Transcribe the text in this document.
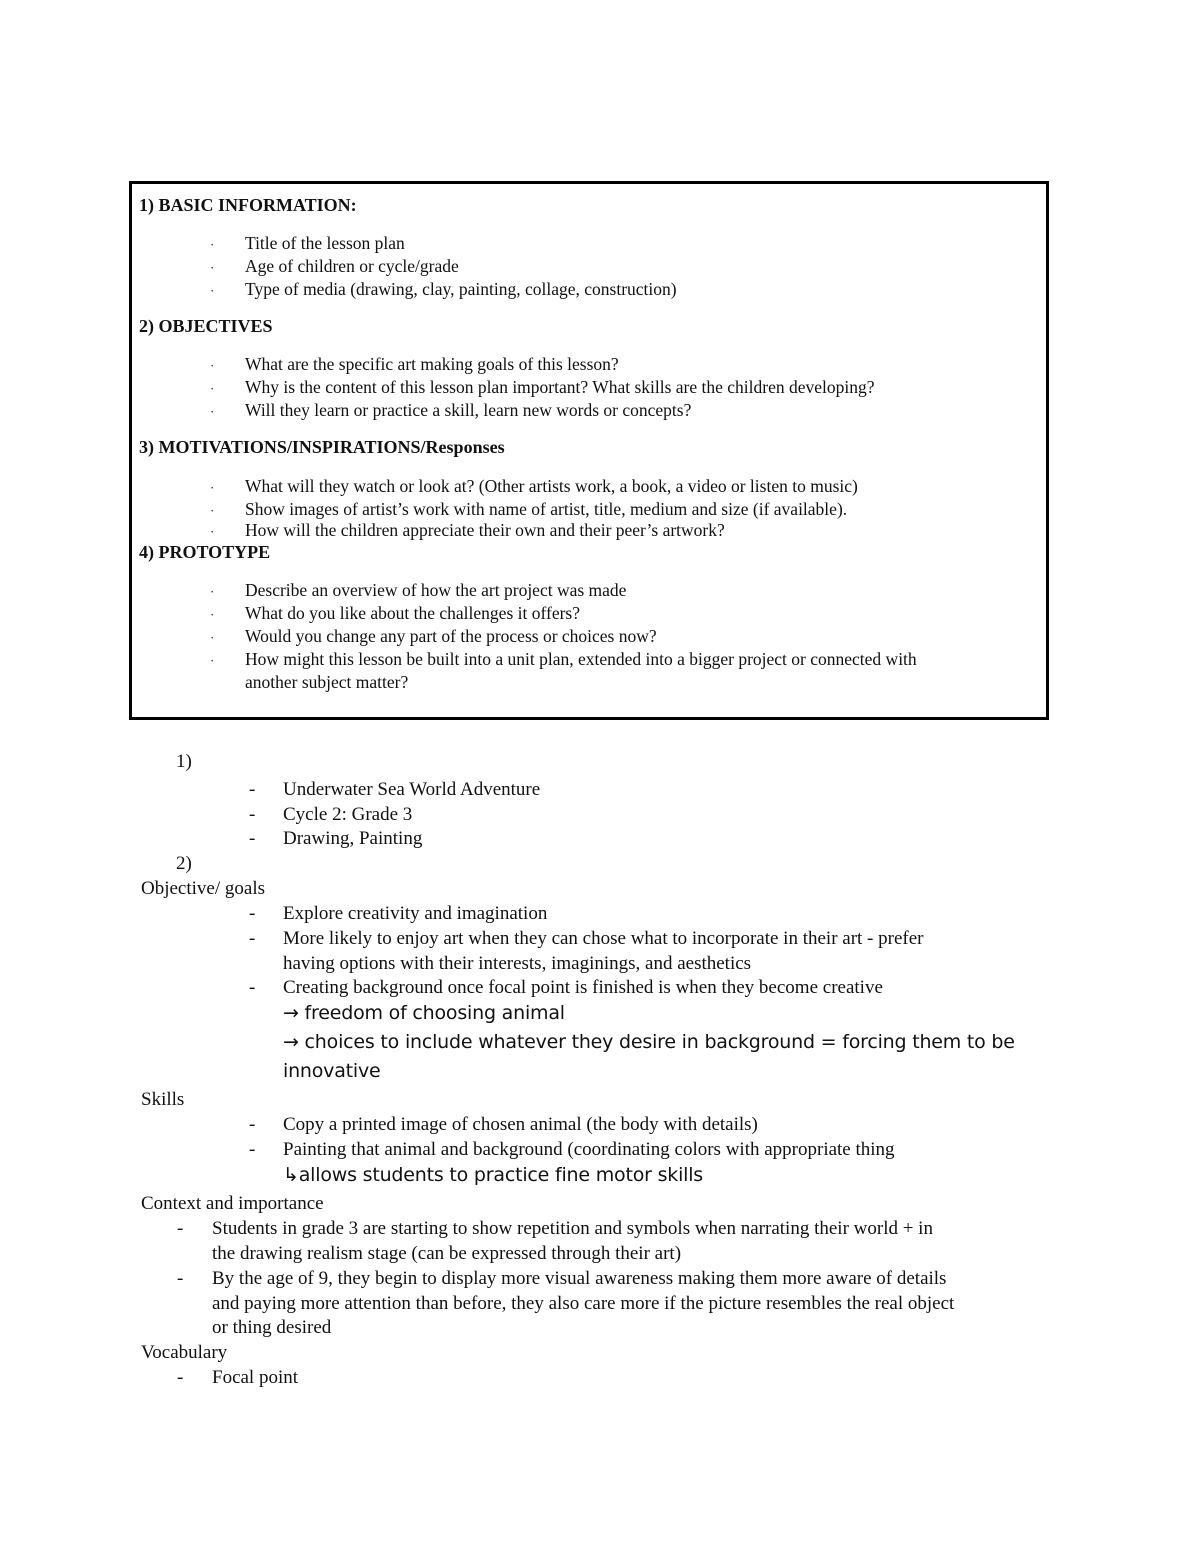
1) BASIC INFORMATION:
· Title of the lesson plan
· Age of children or cycle/grade
· Type of media (drawing, clay, painting, collage, construction)
2) OBJECTIVES
· What are the specific art making goals of this lesson?
· Why is the content of this lesson plan important? What skills are the children developing?
· Will they learn or practice a skill, learn new words or concepts?
3) MOTIVATIONS/INSPIRATIONS/Responses
· What will they watch or look at? (Other artists work, a book, a video or listen to music)
· Show images of artist’s work with name of artist, title, medium and size (if available).
· How will the children appreciate their own and their peer’s artwork?
4) PROTOTYPE
· Describe an overview of how the art project was made
· What do you like about the challenges it offers?
· Would you change any part of the process or choices now?
· How might this lesson be built into a unit plan, extended into a bigger project or connected with
another subject matter?
1)
- Underwater Sea World Adventure
- Cycle 2: Grade 3
- Drawing, Painting
2)
Objective/ goals
- Explore creativity and imagination
- More likely to enjoy art when they can chose what to incorporate in their art - prefer
having options with their interests, imaginings, and aesthetics
- Creating background once focal point is finished is when they become creative
→ freedom of choosing animal
→ choices to include whatever they desire in background = forcing them to be
innovative
Skills
- Copy a printed image of chosen animal (the body with details)
- Painting that animal and background (coordinating colors with appropriate thing
↳allows students to practice fine motor skills
Context and importance
- Students in grade 3 are starting to show repetition and symbols when narrating their world + in
the drawing realism stage (can be expressed through their art)
- By the age of 9, they begin to display more visual awareness making them more aware of details
and paying more attention than before, they also care more if the picture resembles the real object
or thing desired
Vocabulary
- Focal point
